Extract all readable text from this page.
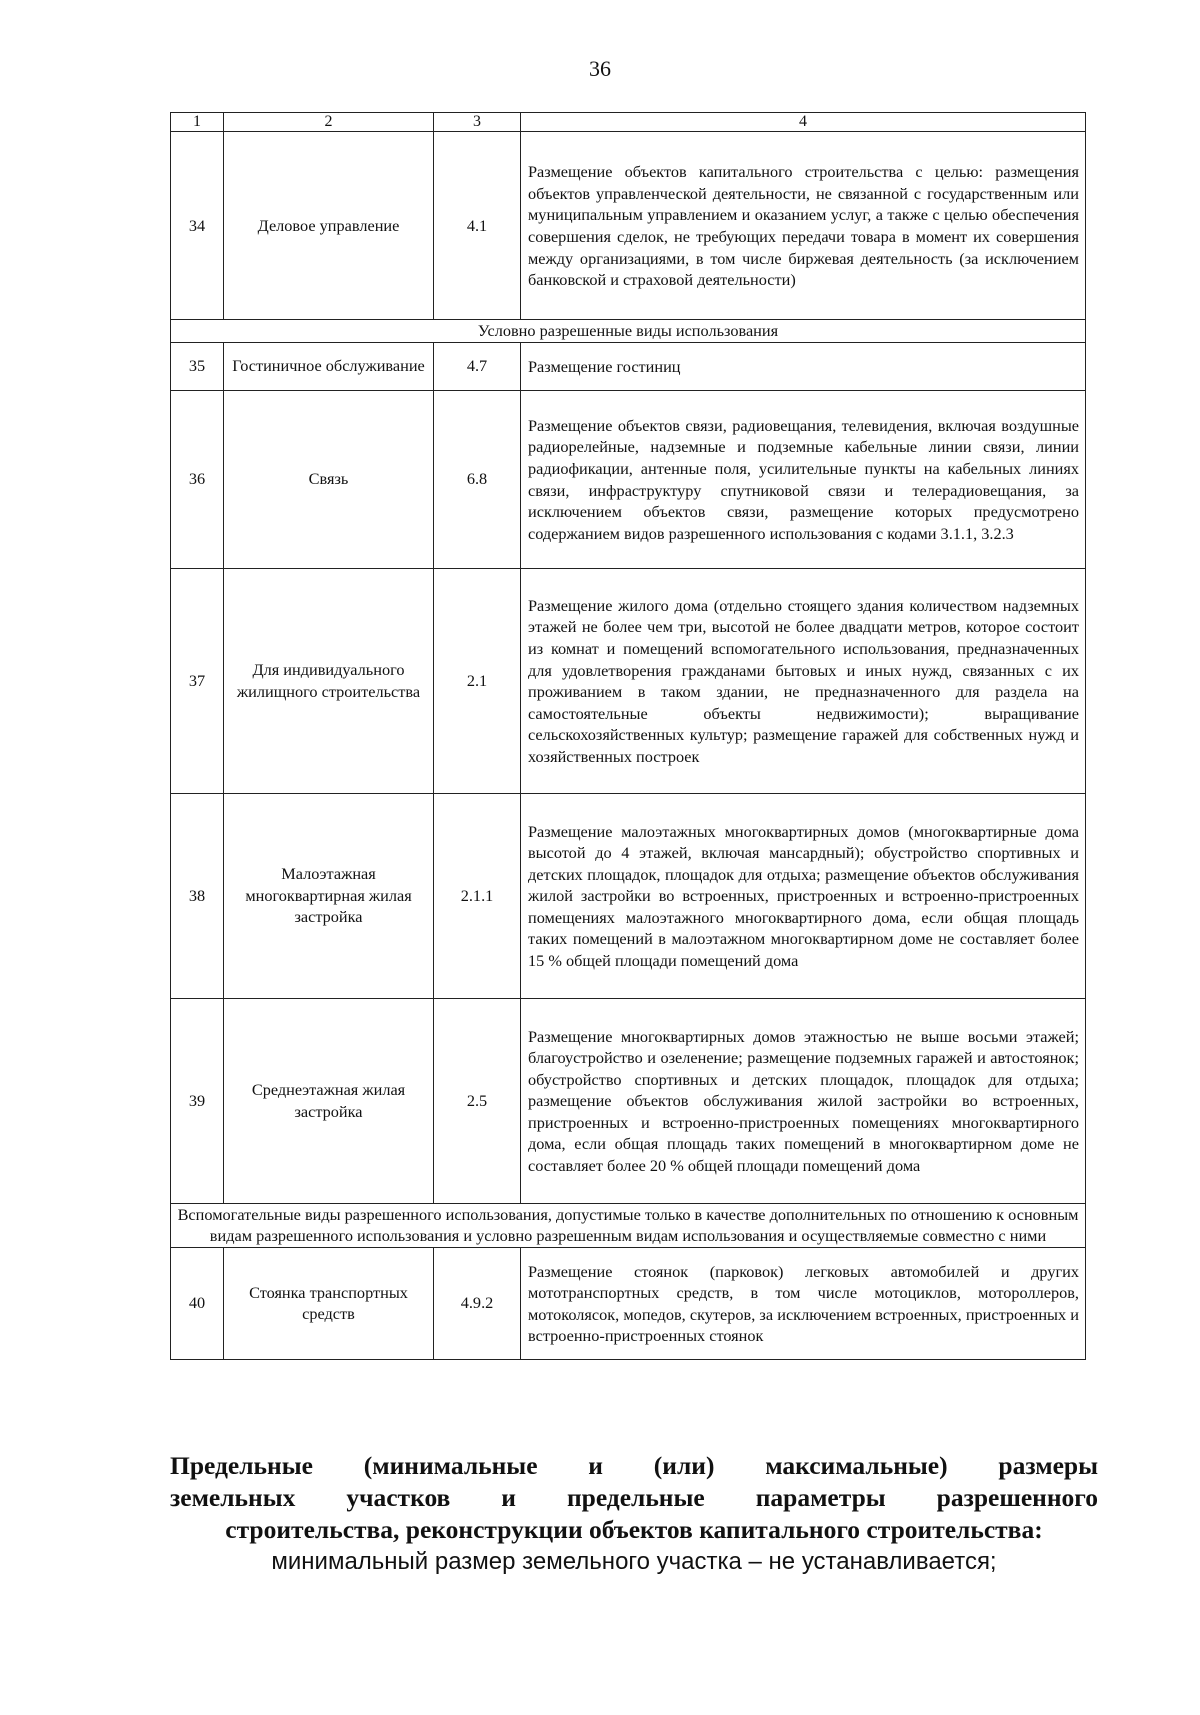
36
1	2	3	4
34	Деловое управление	4.1	Размещение объектов капитального строительства с целью: размещения объектов управленческой деятельности, не связанной с государственным или муниципальным управлением и оказанием услуг, а также с целью обеспечения совершения сделок, не требующих передачи товара в момент их совершения между организациями, в том числе биржевая деятельность (за исключением банковской и страховой деятельности)
Условно разрешенные виды использования			
35	Гостиничное обслуживание	4.7	Размещение гостиниц
36	Связь	6.8	Размещение объектов связи, радиовещания, телевидения, включая воздушные радиорелейные, надземные и подземные кабельные линии связи, линии радиофикации, антенные поля, усилительные пункты на кабельных линиях связи, инфраструктуру спутниковой связи и телерадиовещания, за исключением объектов связи, размещение которых предусмотрено содержанием видов разрешенного использования с кодами 3.1.1, 3.2.3
37	Для индивидуального жилищного строительства	2.1	Размещение жилого дома (отдельно стоящего здания количеством надземных этажей не более чем три, высотой не более двадцати метров, которое состоит из комнат и помещений вспомогательного использования, предназначенных для удовлетворения гражданами бытовых и иных нужд, связанных с их проживанием в таком здании, не предназначенного для раздела на самостоятельные объекты недвижимости); выращивание сельскохозяйственных культур; размещение гаражей для собственных нужд и хозяйственных построек
38	Малоэтажная многоквартирная жилая застройка	2.1.1	Размещение малоэтажных многоквартирных домов (многоквартирные дома высотой до 4 этажей, включая мансардный); обустройство спортивных и детских площадок, площадок для отдыха; размещение объектов обслуживания жилой застройки во встроенных, пристроенных и встроенно-пристроенных помещениях малоэтажного многоквартирного дома, если общая площадь таких помещений в малоэтажном многоквартирном доме не составляет более 15 % общей площади помещений дома
39	Среднеэтажная жилая застройка	2.5	Размещение многоквартирных домов этажностью не выше восьми этажей; благоустройство и озеленение; размещение подземных гаражей и автостоянок; обустройство спортивных и детских площадок, площадок для отдыха; размещение объектов обслуживания жилой застройки во встроенных, пристроенных и встроенно-пристроенных помещениях многоквартирного дома, если общая площадь таких помещений в многоквартирном доме не составляет более 20 % общей площади помещений дома
Вспомогательные виды разрешенного использования, допустимые только в качестве дополнительных по отношению к основным видам разрешенного использования и условно разрешенным видам использования и осуществляемые совместно с ними			
40	Стоянка транспортных средств	4.9.2	Размещение стоянок (парковок) легковых автомобилей и других мототранспортных средств, в том числе мотоциклов, мотороллеров, мотоколясок, мопедов, скутеров, за исключением встроенных, пристроенных и встроенно-пристроенных стоянок

Предельные (минимальные и (или) максимальные) размеры

земельных участков и предельные параметры разрешенного

строительства, реконструкции объектов капитального строительства:

минимальный размер земельного участка – не устанавливается;
